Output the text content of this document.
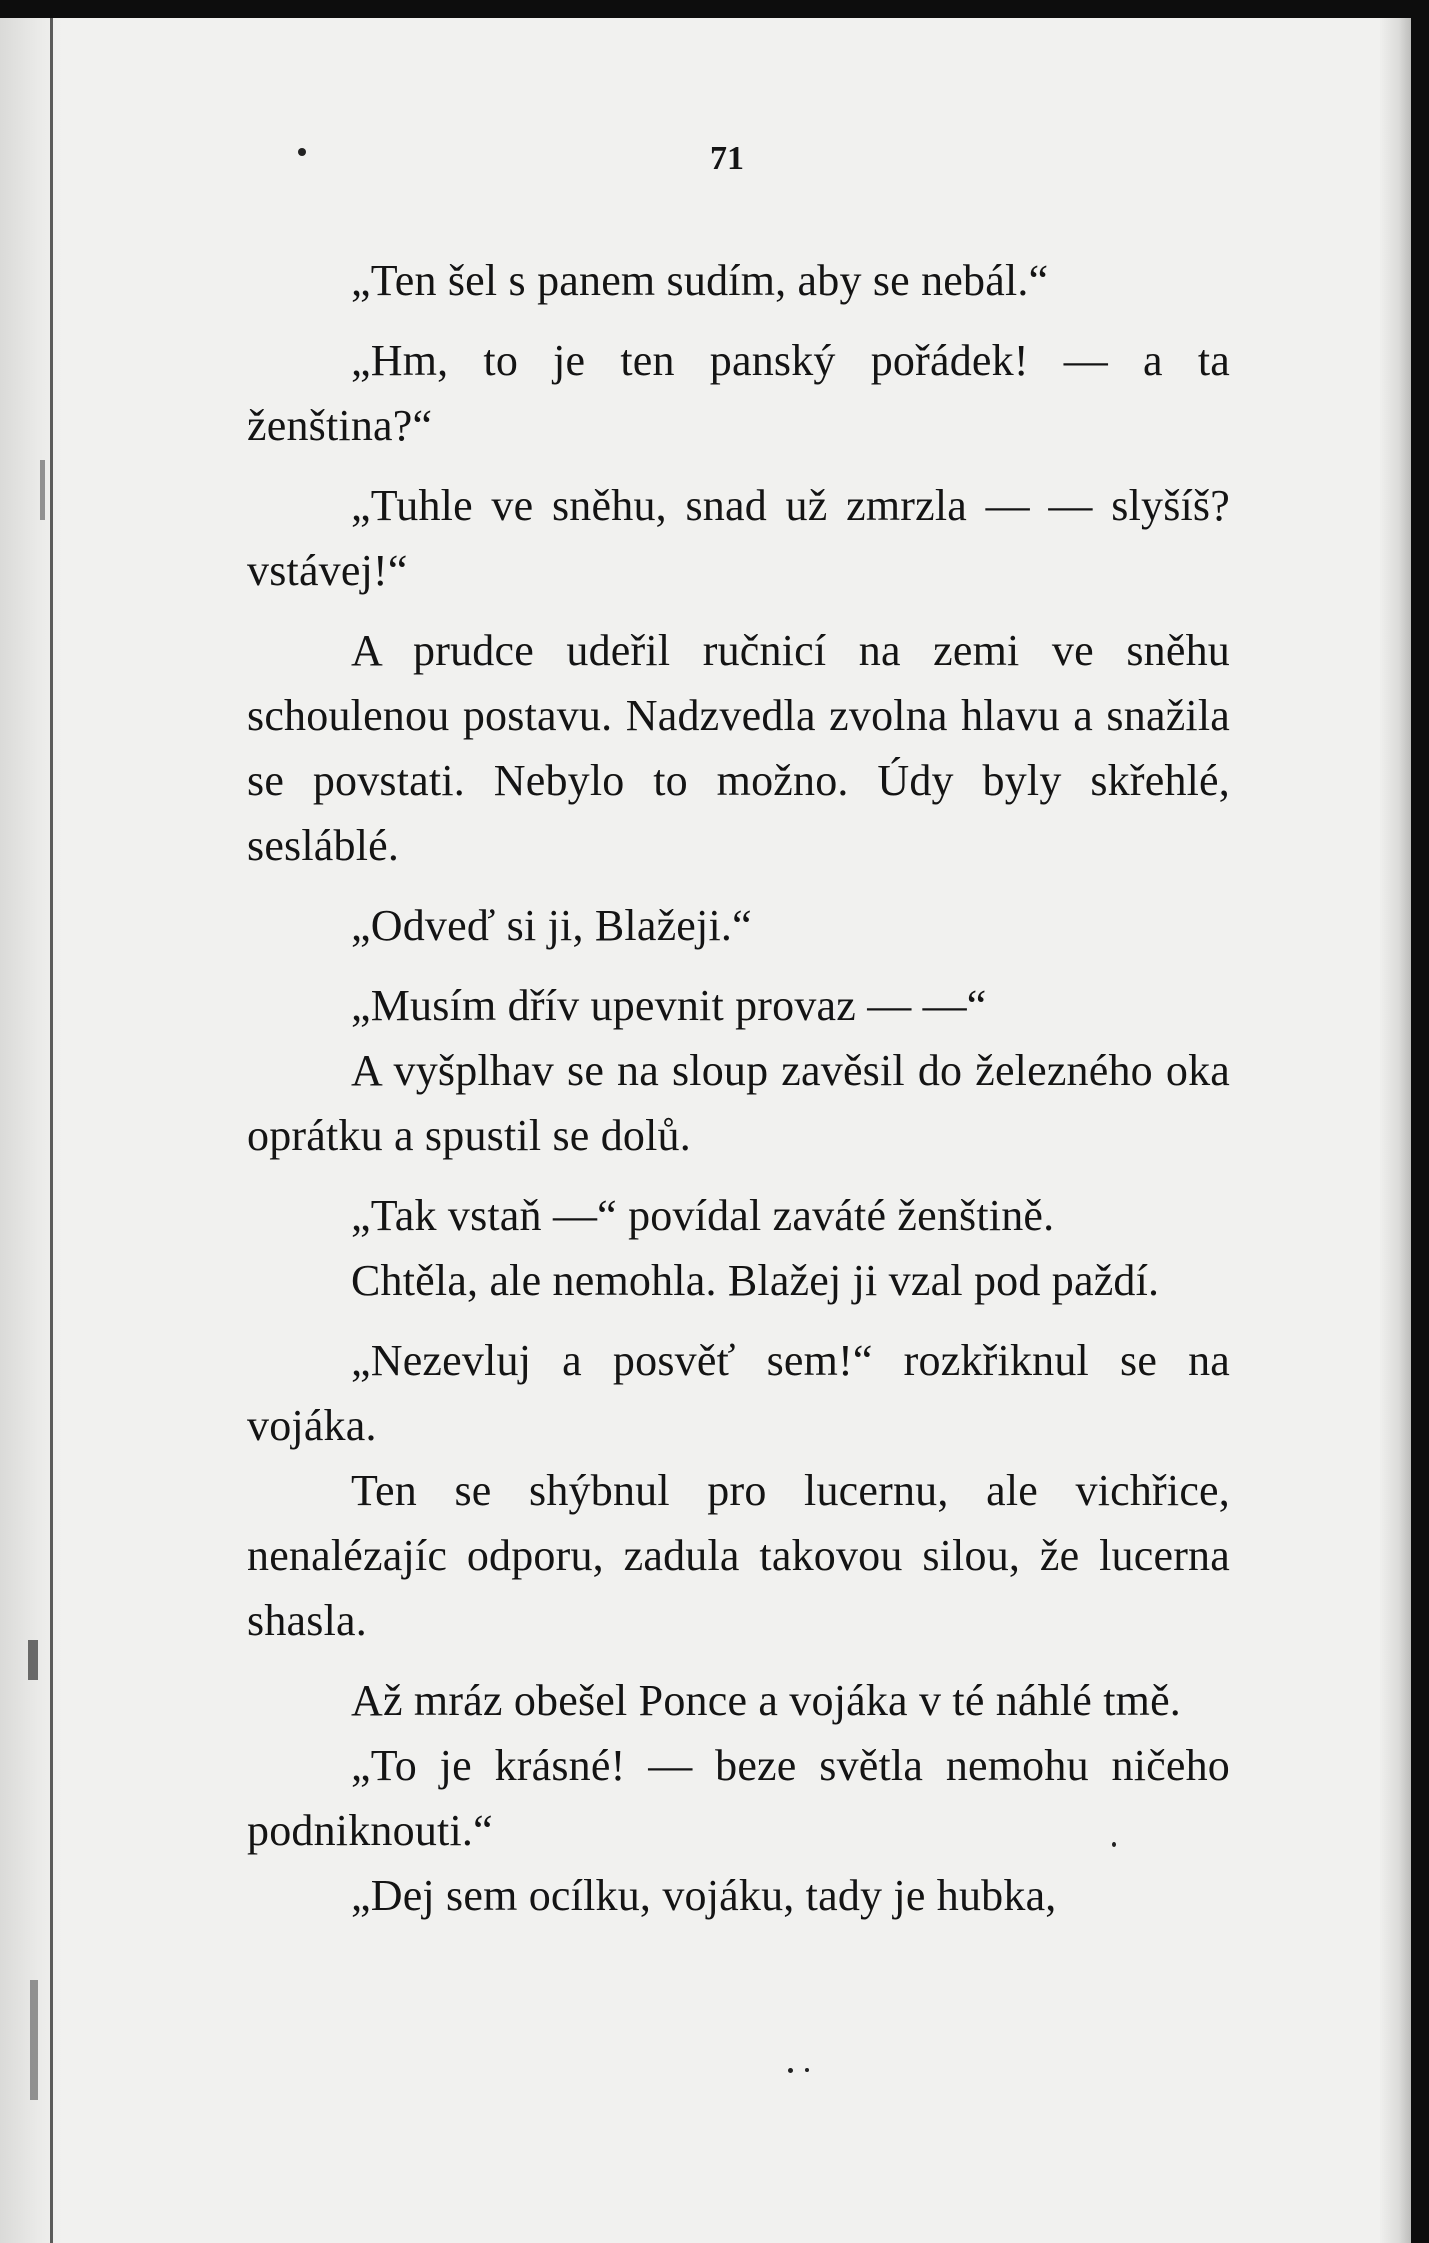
71

„Ten šel s panem sudím, aby se nebál.“

„Hm, to je ten panský pořádek! — a ta ženština?“

„Tuhle ve sněhu, snad už zmrzla — — slyšíš? vstávej!“

A prudce udeřil ručnicí na zemi ve sněhu schoulenou postavu. Nadzvedla zvolna hlavu a snažila se povstati. Nebylo to možno. Údy byly skřehlé, sesláblé.

„Odveď si ji, Blažeji.“

„Musím dřív upevnit provaz — —“

A vyšplhav se na sloup zavěsil do železného oka oprátku a spustil se dolů.

„Tak vstaň —“ povídal zaváté ženštině.

Chtěla, ale nemohla. Blažej ji vzal pod paždí.

„Nezevluj a posvěť sem!“ rozkřiknul se na vojáka.

Ten se shýbnul pro lucernu, ale vichřice, nenalézajíc odporu, zadula takovou silou, že lucerna shasla.

Až mráz obešel Ponce a vojáka v té náhlé tmě.

„To je krásné! — beze světla nemohu ničeho podniknouti.“

„Dej sem ocílku, vojáku, tady je hubka,
